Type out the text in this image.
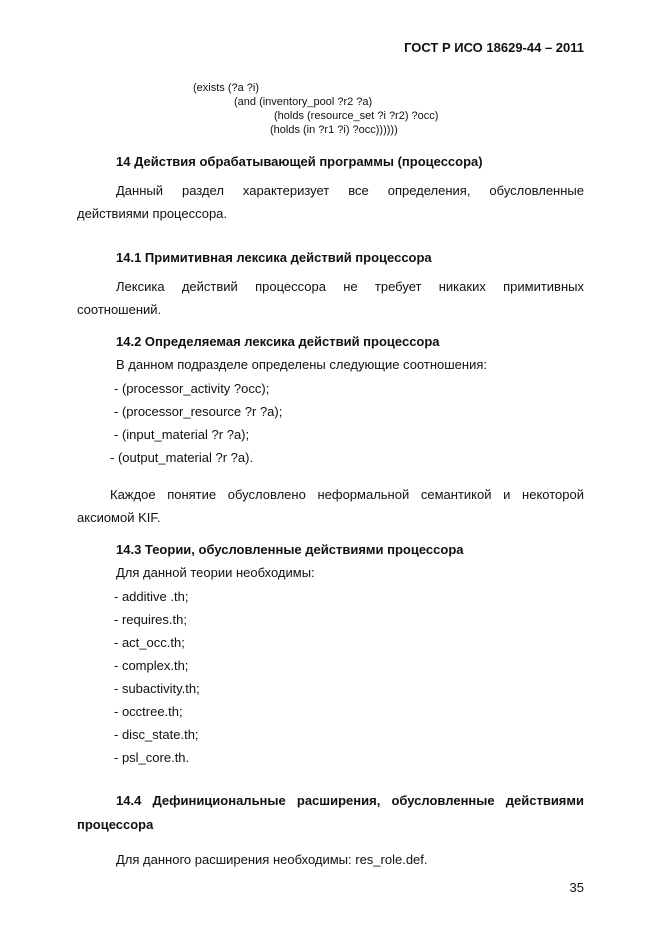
ГОСТ Р ИСО 18629-44 – 2011
(exists (?a ?i)
(and (inventory_pool ?r2 ?a)
(holds (resource_set ?i ?r2) ?occ)
(holds (in ?r1 ?i) ?occ))))))
14 Действия обрабатывающей программы (процессора)
Данный раздел характеризует все определения, обусловленные
действиями процессора.
14.1 Примитивная лексика действий процессора
Лексика действий процессора не требует никаких примитивных
соотношений.
14.2 Определяемая лексика действий процессора
В данном подразделе определены следующие соотношения:
- (processor_activity ?occ);
- (processor_resource ?r ?a);
- (input_material ?r ?a);
- (output_material ?r ?a).
Каждое понятие обусловлено неформальной семантикой и некоторой
аксиомой KIF.
14.3 Теории, обусловленные действиями процессора
Для данной теории необходимы:
- additive .th;
- requires.th;
- act_occ.th;
- complex.th;
- subactivity.th;
- occtree.th;
- disc_state.th;
- psl_core.th.
14.4 Дефинициональные расширения, обусловленные действиями
процессора
Для данного расширения необходимы: res_role.def.
35
